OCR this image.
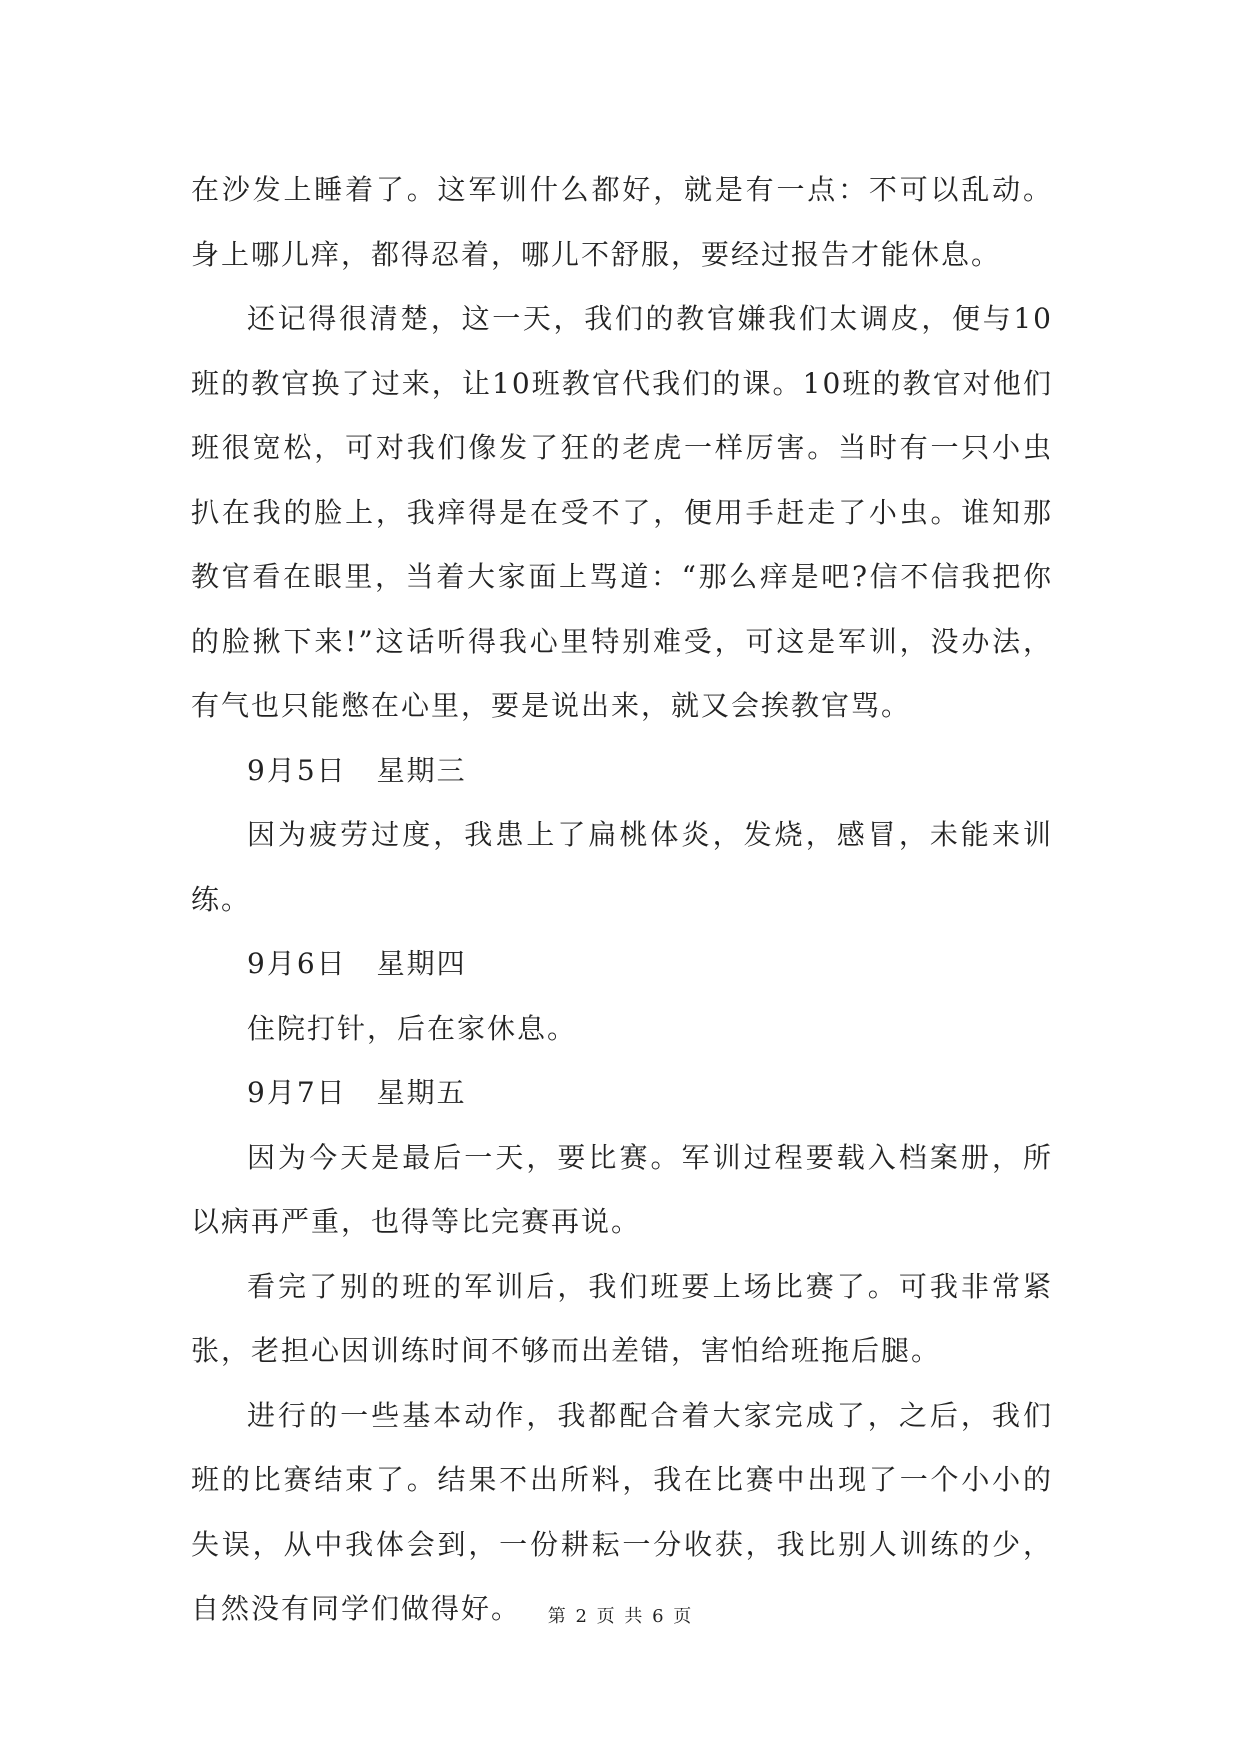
在沙发上睡着了。这军训什么都好，就是有一点：不可以乱动。身上哪儿痒，都得忍着，哪儿不舒服，要经过报告才能休息。

还记得很清楚，这一天，我们的教官嫌我们太调皮，便与10班的教官换了过来，让10班教官代我们的课。10班的教官对他们班很宽松，可对我们像发了狂的老虎一样厉害。当时有一只小虫扒在我的脸上，我痒得是在受不了，便用手赶走了小虫。谁知那教官看在眼里，当着大家面上骂道：“那么痒是吧?信不信我把你的脸揪下来!”这话听得我心里特别难受，可这是军训，没办法，有气也只能憋在心里，要是说出来，就又会挨教官骂。

9月5日　星期三

因为疲劳过度，我患上了扁桃体炎，发烧，感冒，未能来训练。

9月6日　星期四

住院打针，后在家休息。

9月7日　星期五

因为今天是最后一天，要比赛。军训过程要载入档案册，所以病再严重，也得等比完赛再说。

看完了别的班的军训后，我们班要上场比赛了。可我非常紧张，老担心因训练时间不够而出差错，害怕给班拖后腿。

进行的一些基本动作，我都配合着大家完成了，之后，我们班的比赛结束了。结果不出所料，我在比赛中出现了一个小小的失误，从中我体会到，一份耕耘一分收获，我比别人训练的少，自然没有同学们做得好。	第 2 页 共 6 页
